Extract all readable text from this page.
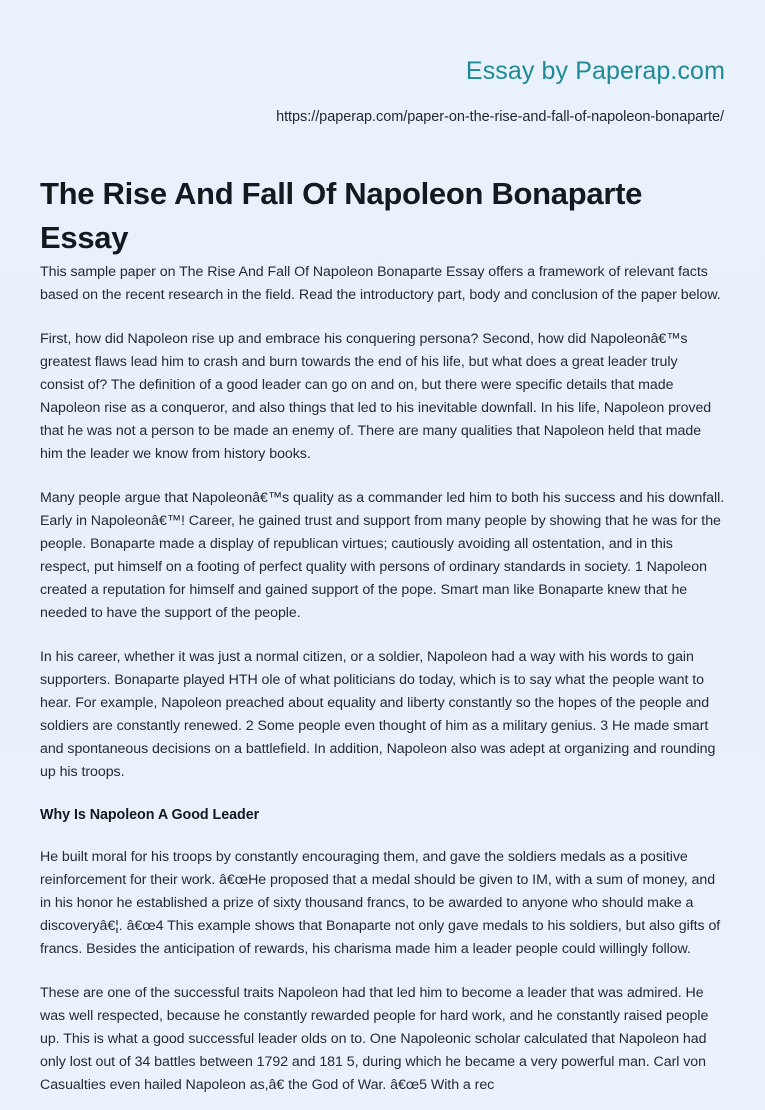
Essay by Paperap.com
https://paperap.com/paper-on-the-rise-and-fall-of-napoleon-bonaparte/
The Rise And Fall Of Napoleon Bonaparte Essay

This sample paper on The Rise And Fall Of Napoleon Bonaparte Essay offers a framework of relevant facts based on the recent research in the field. Read the introductory part, body and conclusion of the paper below.

First, how did Napoleon rise up and embrace his conquering persona? Second, how did Napoleonâ€™s greatest flaws lead him to crash and burn towards the end of his life, but what does a great leader truly consist of? The definition of a good leader can go on and on, but there were specific details that made Napoleon rise as a conqueror, and also things that led to his inevitable downfall. In his life, Napoleon proved that he was not a person to be made an enemy of. There are many qualities that Napoleon held that made him the leader we know from history books.

Many people argue that Napoleonâ€™s quality as a commander led him to both his success and his downfall. Early in Napoleonâ€™! Career, he gained trust and support from many people by showing that he was for the people. Bonaparte made a display of republican virtues; cautiously avoiding all ostentation, and in this respect, put himself on a footing of perfect quality with persons of ordinary standards in society. 1 Napoleon created a reputation for himself and gained support of the pope. Smart man like Bonaparte knew that he needed to have the support of the people.

In his career, whether it was just a normal citizen, or a soldier, Napoleon had a way with his words to gain supporters. Bonaparte played HTH ole of what politicians do today, which is to say what the people want to hear. For example, Napoleon preached about equality and liberty constantly so the hopes of the people and soldiers are constantly renewed. 2 Some people even thought of him as a military genius. 3 He made smart and spontaneous decisions on a battlefield. In addition, Napoleon also was adept at organizing and rounding up his troops.

Why Is Napoleon A Good Leader

He built moral for his troops by constantly encouraging them, and gave the soldiers medals as a positive reinforcement for their work. â€œHe proposed that a medal should be given to IM, with a sum of money, and in his honor he established a prize of sixty thousand francs, to be awarded to anyone who should make a discoveryâ€¦. â€œ4 This example shows that Bonaparte not only gave medals to his soldiers, but also gifts of francs. Besides the anticipation of rewards, his charisma made him a leader people could willingly follow.

These are one of the successful traits Napoleon had that led him to become a leader that was admired. He was well respected, because he constantly rewarded people for hard work, and he constantly raised people up. This is what a good successful leader olds on to. One Napoleonic scholar calculated that Napoleon had only lost out of 34 battles between 1792 and 181 5, during which he became a very powerful man. Carl von Casualties even hailed Napoleon as,â€ the God of War. â€œ5 With a rec
